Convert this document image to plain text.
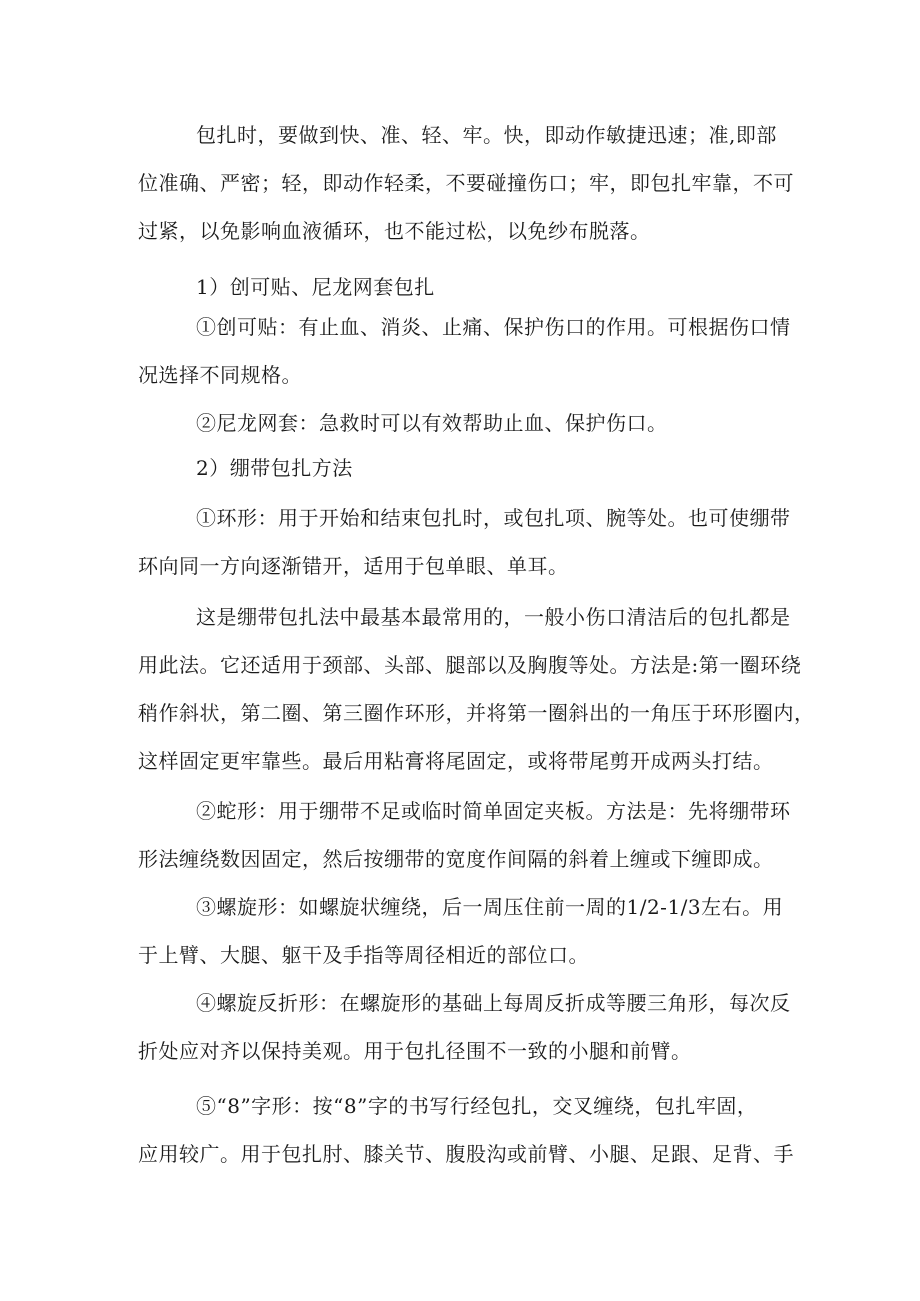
包扎时，要做到快、准、轻、牢。快，即动作敏捷迅速；准,即部
位准确、严密；轻，即动作轻柔，不要碰撞伤口；牢，即包扎牢靠，不可
过紧，以免影响血液循环，也不能过松，以免纱布脱落。
1）创可贴、尼龙网套包扎
①创可贴：有止血、消炎、止痛、保护伤口的作用。可根据伤口情
况选择不同规格。
②尼龙网套：急救时可以有效帮助止血、保护伤口。
2）绷带包扎方法
①环形：用于开始和结束包扎时，或包扎项、腕等处。也可使绷带
环向同一方向逐渐错开，适用于包单眼、单耳。
这是绷带包扎法中最基本最常用的，一般小伤口清洁后的包扎都是
用此法。它还适用于颈部、头部、腿部以及胸腹等处。方法是:第一圈环绕
稍作斜状，第二圈、第三圈作环形，并将第一圈斜出的一角压于环形圈内，
这样固定更牢靠些。最后用粘膏将尾固定，或将带尾剪开成两头打结。
②蛇形：用于绷带不足或临时简单固定夹板。方法是：先将绷带环
形法缠绕数因固定，然后按绷带的宽度作间隔的斜着上缠或下缠即成。
③螺旋形：如螺旋状缠绕，后一周压住前一周的1/2-1/3左右。用
于上臂、大腿、躯干及手指等周径相近的部位口。
④螺旋反折形：在螺旋形的基础上每周反折成等腰三角形，每次反
折处应对齐以保持美观。用于包扎径围不一致的小腿和前臂。
⑤“8”字形：按“8”字的书写行经包扎，交叉缠绕，包扎牢固，
应用较广。用于包扎肘、膝关节、腹股沟或前臂、小腿、足跟、足背、手
